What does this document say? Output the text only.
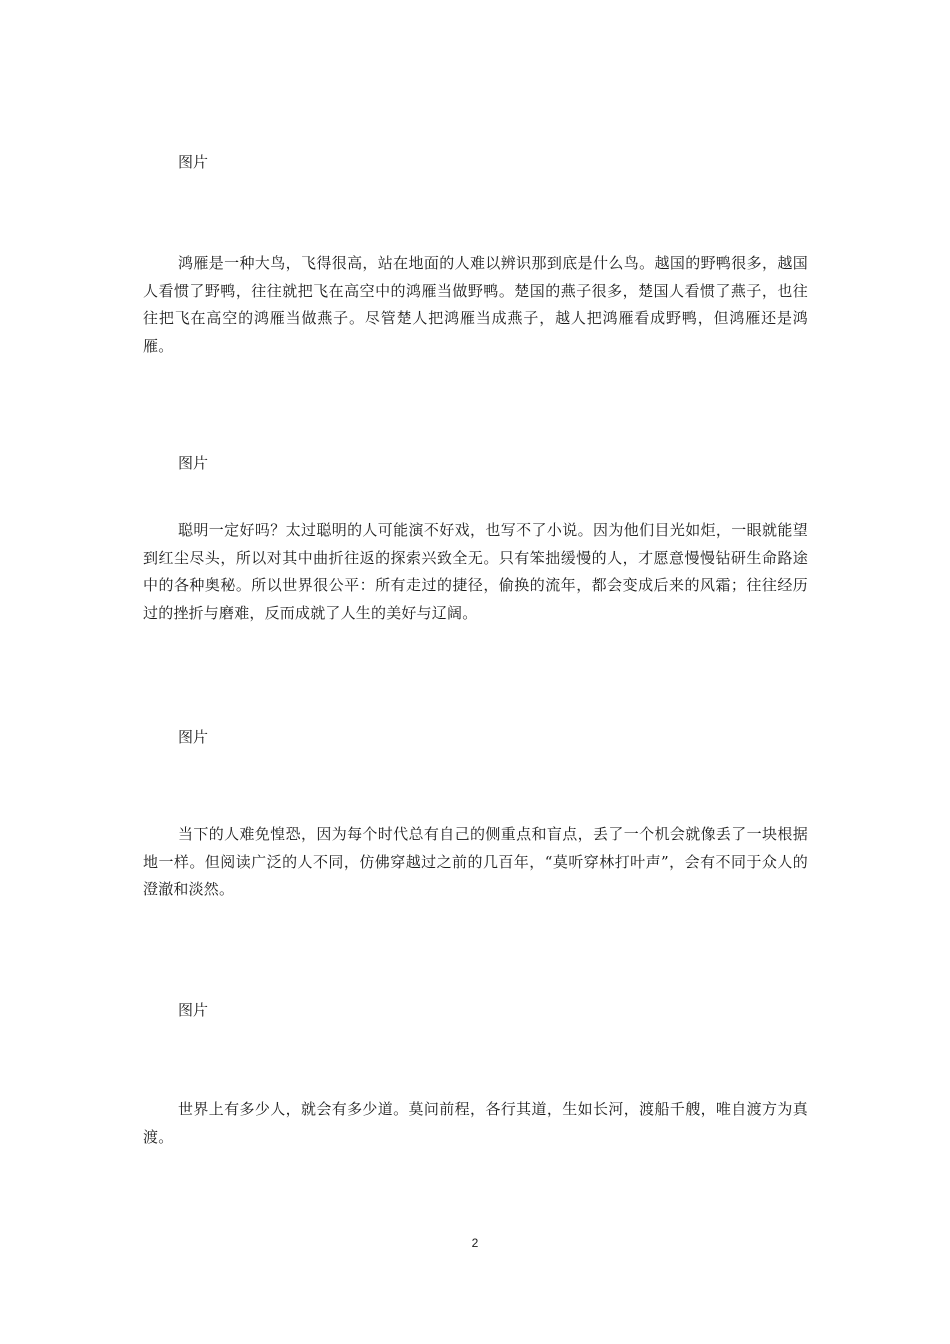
图片

鸿雁是一种大鸟，飞得很高，站在地面的人难以辨识那到底是什么鸟。越国的野鸭很多，越国人看惯了野鸭，往往就把飞在高空中的鸿雁当做野鸭。楚国的燕子很多，楚国人看惯了燕子，也往往把飞在高空的鸿雁当做燕子。尽管楚人把鸿雁当成燕子，越人把鸿雁看成野鸭，但鸿雁还是鸿雁。

图片

聪明一定好吗？太过聪明的人可能演不好戏，也写不了小说。因为他们目光如炬，一眼就能望到红尘尽头，所以对其中曲折往返的探索兴致全无。只有笨拙缓慢的人，才愿意慢慢钻研生命路途中的各种奥秘。所以世界很公平：所有走过的捷径，偷换的流年，都会变成后来的风霜；往往经历过的挫折与磨难，反而成就了人生的美好与辽阔。

图片

当下的人难免惶恐，因为每个时代总有自己的侧重点和盲点，丢了一个机会就像丢了一块根据地一样。但阅读广泛的人不同，仿佛穿越过之前的几百年，“莫听穿林打叶声”，会有不同于众人的澄澈和淡然。

图片

世界上有多少人，就会有多少道。莫问前程，各行其道，生如长河，渡船千艘，唯自渡方为真渡。

2
